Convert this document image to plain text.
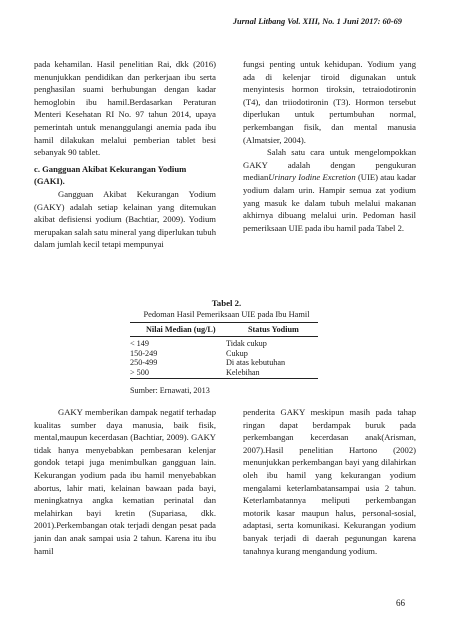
Jurnal Litbang Vol. XIII, No. 1 Juni 2017: 60-69

pada kehamilan. Hasil penelitian Rai, dkk (2016) menunjukkan pendidikan dan perkerjaan ibu serta penghasilan suami berhubungan dengan kadar hemoglobin ibu hamil.Berdasarkan Peraturan Menteri Kesehatan RI No. 97 tahun 2014, upaya pemerintah untuk menanggulangi anemia pada ibu hamil dilakukan melalui pemberian tablet besi sebanyak 90 tablet.

c. Gangguan Akibat Kekurangan Yodium (GAKI).

Gangguan Akibat Kekurangan Yodium (GAKY) adalah setiap kelainan yang ditemukan akibat defisiensi yodium (Bachtiar, 2009). Yodium merupakan salah satu mineral yang diperlukan tubuh dalam jumlah kecil tetapi mempunyai

fungsi penting untuk kehidupan. Yodium yang ada di kelenjar tiroid digunakan untuk menyintesis hormon tiroksin, tetraiodotironin (T4), dan triiodotironin (T3). Hormon tersebut diperlukan untuk pertumbuhan normal, perkembangan fisik, dan mental manusia (Almatsier, 2004).

Salah satu cara untuk mengelompokkan GAKY adalah dengan pengukuran medianUrinary Iodine Excretion (UIE) atau kadar yodium dalam urin. Hampir semua zat yodium yang masuk ke dalam tubuh melalui makanan akhirnya dibuang melalui urin. Pedoman hasil pemeriksaan UIE pada ibu hamil pada Tabel 2.

Tabel 2.
Pedoman Hasil Pemeriksaan UIE pada Ibu Hamil
Nilai Median (ug/L)	Status Yodium
< 149	Tidak cukup
150-249	Cukup
250-499	Di atas kebutuhan
> 500	Kelebihan
Sumber: Ernawati, 2013

GAKY memberikan dampak negatif terhadap kualitas sumber daya manusia, baik fisik, mental,maupun kecerdasan (Bachtiar, 2009). GAKY tidak hanya menyebabkan pembesaran kelenjar gondok tetapi juga menimbulkan gangguan lain. Kekurangan yodium pada ibu hamil menyebabkan abortus, lahir mati, kelainan bawaan pada bayi, meningkatnya angka kematian perinatal dan melahirkan bayi kretin (Supariasa, dkk. 2001).Perkembangan otak terjadi dengan pesat pada janin dan anak sampai usia 2 tahun. Karena itu ibu hamil

penderita GAKY meskipun masih pada tahap ringan dapat berdampak buruk pada perkembangan kecerdasan anak(Arisman, 2007).Hasil penelitian Hartono (2002) menunjukkan perkembangan bayi yang dilahirkan oleh ibu hamil yang kekurangan yodium mengalami keterlambatansampai usia 2 tahun. Keterlambatannya meliputi perkembangan motorik kasar maupun halus, personal-sosial, adaptasi, serta komunikasi. Kekurangan yodium banyak terjadi di daerah pegunungan karena tanahnya kurang mengandung yodium.

66
